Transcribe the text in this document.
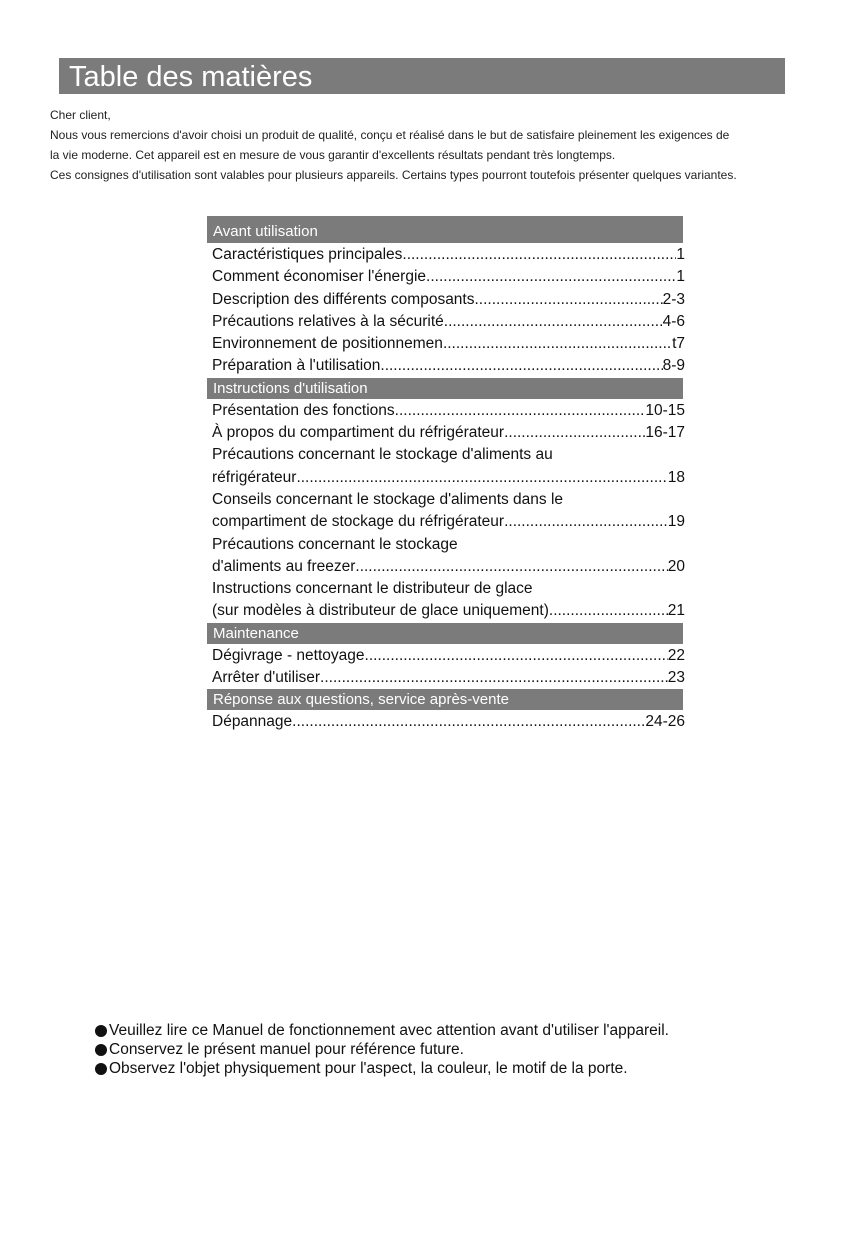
Table des matières
Cher client,
Nous vous remercions d'avoir choisi un produit de qualité, conçu et réalisé dans le but de satisfaire pleinement les exigences de
la vie moderne. Cet appareil est en mesure de vous garantir d'excellents résultats pendant très longtemps.
Ces consignes d'utilisation sont valables pour plusieurs appareils. Certains types pourront toutefois présenter quelques variantes.
Avant utilisation
Caractéristiques principales .....	1
Comment économiser l'énergie .....	1
Description des différents composants .....	2-3
Précautions relatives à la sécurité .....	4-6
Environnement de positionnemen .....	t7
Préparation à l'utilisation .....	8-9
Instructions d'utilisation
Présentation des fonctions .....	10-15
À propos du compartiment du réfrigérateur .....	16-17
Précautions concernant le stockage d'aliments au
réfrigérateur .....	18
Conseils concernant le stockage d'aliments dans le
compartiment de stockage du réfrigérateur .....	19
Précautions concernant le stockage
d'aliments au freezer .....	20
Instructions concernant le distributeur de glace
(sur modèles à distributeur de glace uniquement) .....	21
Maintenance
Dégivrage - nettoyage .....	22
Arrêter d'utiliser .....	23
Réponse aux questions, service après-vente
Dépannage .....	24-26
Veuillez lire ce Manuel de fonctionnement avec attention avant d'utiliser l'appareil.
Conservez le présent manuel pour référence future.
Observez l'objet physiquement pour l'aspect, la couleur, le motif de la porte.
